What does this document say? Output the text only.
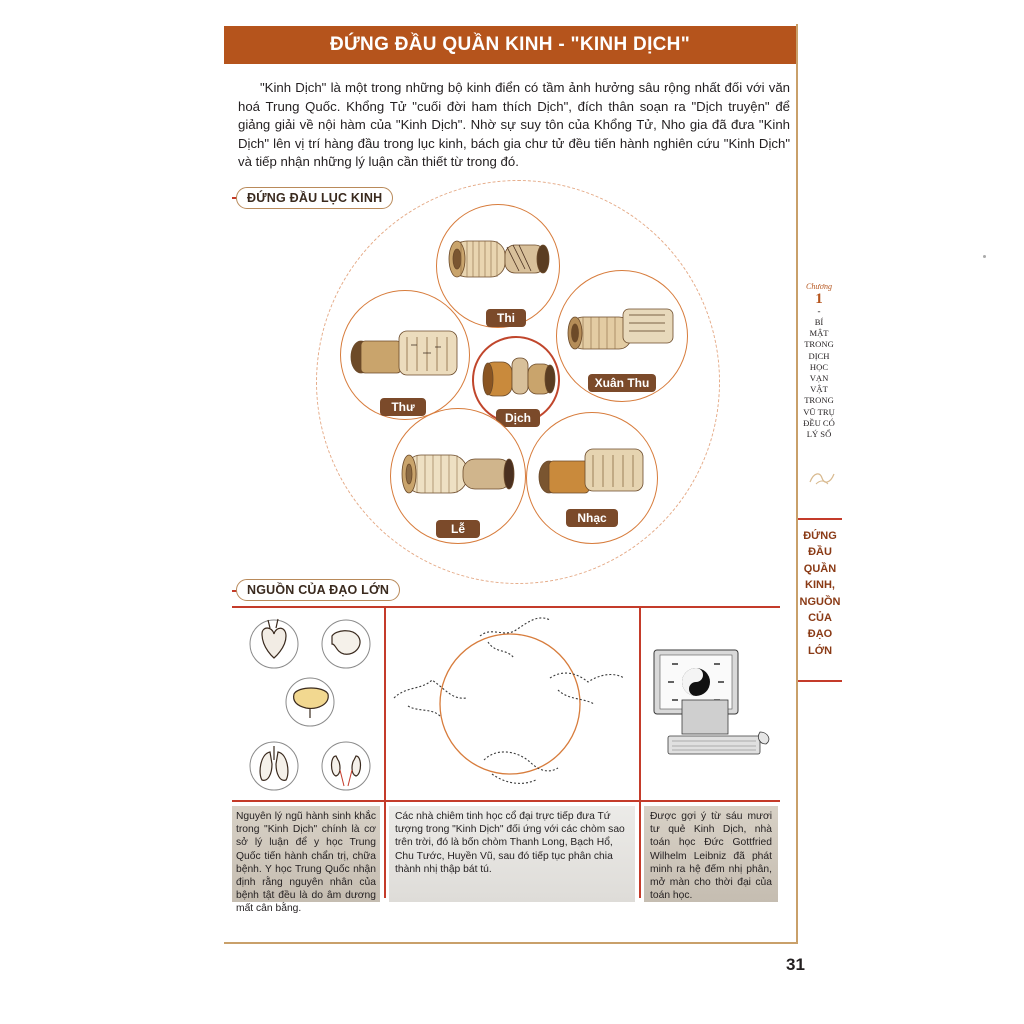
ĐỨNG ĐẦU QUẦN KINH - "KINH DỊCH"

"Kinh Dịch" là một trong những bộ kinh điển có tầm ảnh hưởng sâu rộng nhất đối với văn hoá Trung Quốc. Khổng Tử "cuối đời ham thích Dịch", đích thân soạn ra "Dịch truyện" để giảng giải về nội hàm của "Kinh Dịch". Nhờ sự suy tôn của Khổng Tử, Nho gia đã đưa "Kinh Dịch" lên vị trí hàng đầu trong lục kinh, bách gia chư tử đều tiến hành nghiên cứu "Kinh Dịch" và tiếp nhận những lý luận cần thiết từ trong đó.

ĐỨNG ĐẦU LỤC KINH
Thi
Xuân Thu
Thư
Dịch
Lễ
Nhạc
NGUỒN CỦA ĐẠO LỚN
Nguyên lý ngũ hành sinh khắc trong "Kinh Dịch" chính là cơ sở lý luận để y học Trung Quốc tiến hành chẩn trị, chữa bệnh. Y học Trung Quốc nhận định rằng nguyên nhân của bệnh tật đều là do âm dương mất cân bằng.
Các nhà chiêm tinh học cổ đại trực tiếp đưa Tứ tượng trong "Kinh Dịch" đối ứng với các chòm sao trên trời, đó là bốn chòm Thanh Long, Bạch Hổ, Chu Tước, Huyền Vũ, sau đó tiếp tục phân chia thành nhị thập bát tú.
Được gợi ý từ sáu mươi tư quẻ Kinh Dịch, nhà toán học Đức Gottfried Wilhelm Leibniz đã phát minh ra hệ đếm nhị phân, mở màn cho thời đại của toán học.
Chương
1
-
BÍ
MẬT
TRONG
DỊCH
HỌC
VẠN
VẬT
TRONG
VŨ TRỤ
ĐỀU CÓ
LÝ SỐ
ĐỨNG
ĐẦU
QUẦN
KINH,
NGUỒN
CỦA
ĐẠO
LỚN
31
